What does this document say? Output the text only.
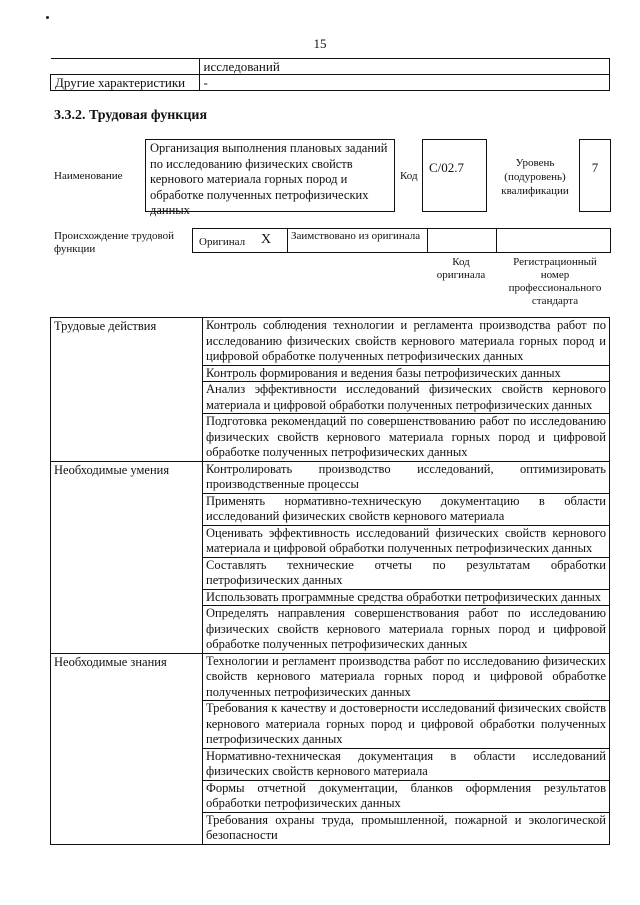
15
	исследований
Другие характеристики	-
3.3.2. Трудовая функция
Наименование
Организация выполнения плановых заданий по исследованию физических свойств кернового материала горных пород и обработке полученных петрофизических данных
Код
С/02.7	Уровень (подуровень) квалификации
7
Происхождение трудовой функции
Оригинал X	Заимствовано из оригинала
Код оригинала
Регистрационный номер профессионального стандарта
Трудовые действия	Контроль соблюдения технологии и регламента производства работ по исследованию физических свойств кернового материала горных пород и цифровой обработке полученных петрофизических данных
	Контроль формирования и ведения базы петрофизических данных
	Анализ эффективности исследований физических свойств кернового материала и цифровой обработки полученных петрофизических данных
	Подготовка рекомендаций по совершенствованию работ по исследованию физических свойств кернового материала горных пород и цифровой обработке полученных петрофизических данных
Необходимые умения	Контролировать производство исследований, оптимизировать производственные процессы
	Применять нормативно-техническую документацию в области исследований физических свойств кернового материала
	Оценивать эффективность исследований физических свойств кернового материала и цифровой обработки полученных петрофизических данных
	Составлять технические отчеты по результатам обработки петрофизических данных
	Использовать программные средства обработки петрофизических данных
	Определять направления совершенствования работ по исследованию физических свойств кернового материала горных пород и цифровой обработке полученных петрофизических данных
Необходимые знания	Технологии и регламент производства работ по исследованию физических свойств кернового материала горных пород и цифровой обработке полученных петрофизических данных
	Требования к качеству и достоверности исследований физических свойств кернового материала горных пород и цифровой обработки полученных петрофизических данных
	Нормативно-техническая документация в области исследований физических свойств кернового материала
	Формы отчетной документации, бланков оформления результатов обработки петрофизических данных
	Требования охраны труда, промышленной, пожарной и экологической безопасности
